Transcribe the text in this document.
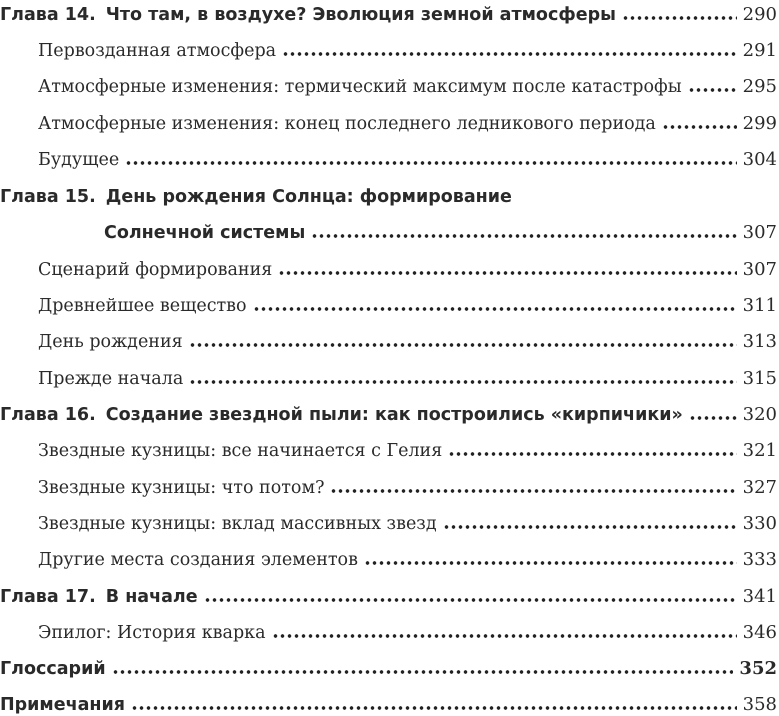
Глава 14. Что там, в воздухе? Эволюция земной атмосферы	290
Первозданная атмосфера	291
Атмосферные изменения: термический максимум после катастрофы	295
Атмосферные изменения: конец последнего ледникового периода	299
Будущее	304
Глава 15. День рождения Солнца: формирование
Солнечной системы	307
Сценарий формирования	307
Древнейшее вещество	311
День рождения	313
Прежде начала	315
Глава 16. Создание звездной пыли: как построились «кирпичики»	320
Звездные кузницы: все начинается с Гелия	321
Звездные кузницы: что потом?	327
Звездные кузницы: вклад массивных звезд	330
Другие места создания элементов	333
Глава 17. В начале	341
Эпилог: История кварка	346
Глоссарий	352
Примечания	358
